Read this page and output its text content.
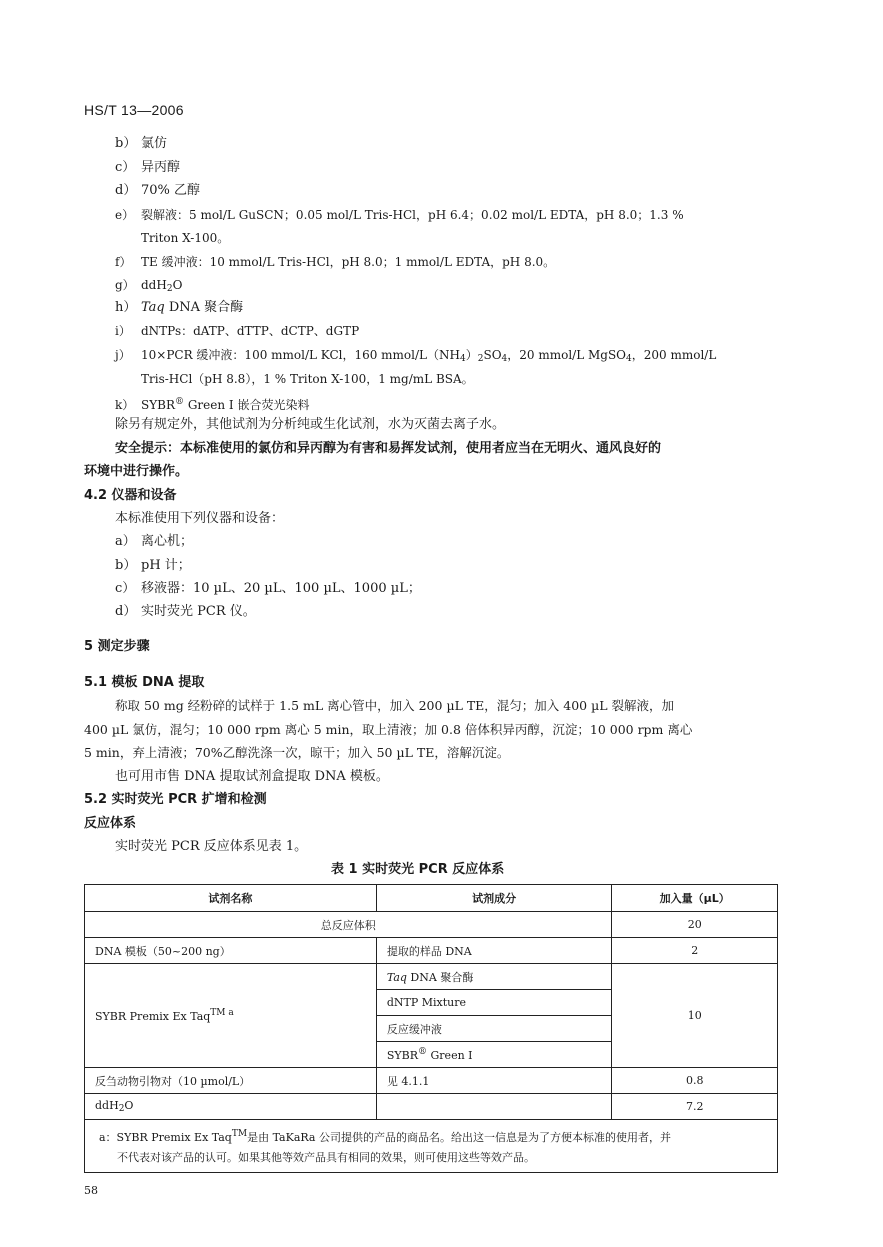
HS/T 13—2006
b） 氯仿
c） 异丙醇
d） 70% 乙醇
e） 裂解液：5 mol/L GuSCN；0.05 mol/L Tris-HCl，pH 6.4；0.02 mol/L EDTA，pH 8.0；1.3 %
Triton X-100。
f） TE 缓冲液：10 mmol/L Tris-HCl，pH 8.0；1 mmol/L EDTA，pH 8.0。
g） ddH$_2$O
h） Taq DNA 聚合酶
i） dNTPs：dATP、dTTP、dCTP、dGTP
j） 10×PCR 缓冲液：100 mmol/L KCl，160 mmol/$L(NH_4)_2SO_4$，20 mmol/L MgSO$_4$，200 mmol/L
Tris-HCl（pH 8.8），1 % Triton X-100，1 mg/mL BSA。
k） SYBR® Green I 嵌合荧光染料
除另有规定外，其他试剂为分析纯或生化试剂，水为灭菌去离子水。
安全提示：本标准使用的氯仿和异丙醇为有害和易挥发试剂，使用者应当在无明火、通风良好的
环境中进行操作。
4.2 仪器和设备
本标准使用下列仪器和设备：
a） 离心机；
b） pH 计；
c） 移液器：10 µL、20 µL、100 µL、1000 µL；
d） 实时荧光 PCR 仪。
5 测定步骤
5.1 模板 DNA 提取
称取 50 mg 经粉碎的试样于 1.5 mL 离心管中，加入 200 µL TE，混匀；加入 400 µL 裂解液，加
400 µL 氯仿，混匀；10 000 rpm 离心 5 min，取上清液；加 0.8 倍体积异丙醇，沉淀；10 000 rpm 离心
5 min，弃上清液；70%乙醇洗涤一次，晾干；加入 50 µL TE，溶解沉淀。
也可用市售 DNA 提取试剂盒提取 DNA 模板。
5.2 实时荧光 PCR 扩增和检测
反应体系
实时荧光 PCR 反应体系见表 1。
表 1 实时荧光 PCR 反应体系
试剂名称	试剂成分	加入量（µL）
总反应体积		20
DNA 模板（50~200 ng）	提取的样品 DNA	2
SYBR Premix Ex Taq$^{TM a}$	Taq DNA 聚合酶	10
	dNTP Mixture	
	反应缓冲液	
	SYBR® Green I	
反刍动物引物对（10 µmol/L）	见 4.1.1	0.8
ddH$_2$O		7.2
a：SYBR Premix Ex Taq™是由 TaKaRa 公司提供的产品的商品名。给出这一信息是为了方便本标准的使用者，并
不代表对该产品的认可。如果其他等效产品具有相同的效果，则可使用这些等效产品。		
58
